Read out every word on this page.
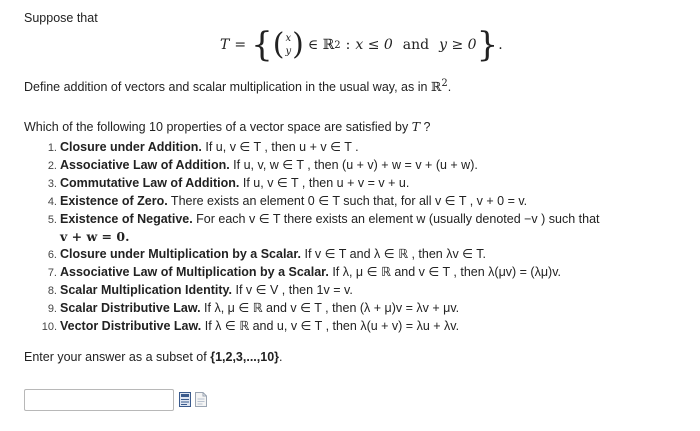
Suppose that
T = { ( x
y ) ∈ ℝ 2 : x ≤ 0 and y ≥ 0 } .
Define addition of vectors and scalar multiplication in the usual way, as in ℝ$^2$.
Which of the following 10 properties of a vector space are satisfied by T ?
1. Closure under Addition. If u, v ∈ T , then u + v ∈ T .
2. Associative Law of Addition. If u, v, w ∈ T , then (u + v) + w = v + (u + w).
3. Commutative Law of Addition. If u, v ∈ T , then u + v = v + u.
4. Existence of Zero. There exists an element 0 ∈ T such that, for all v ∈ T , v + 0 = v.
5. Existence of Negative. For each v ∈ T there exists an element w (usually denoted −v ) such that
v + w = 0.
6. Closure under Multiplication by a Scalar. If v ∈ T and λ ∈ ℝ , then λv ∈ T.
7. Associative Law of Multiplication by a Scalar. If λ, μ ∈ ℝ and v ∈ T , then λ(μv) = (λμ)v.
8. Scalar Multiplication Identity. If v ∈ V , then 1v = v.
9. Scalar Distributive Law. If λ, μ ∈ ℝ and v ∈ T , then (λ + μ)v = λv + μv.
10. Vector Distributive Law. If λ ∈ ℝ and u, v ∈ T , then λ(u + v) = λu + λv.
Enter your answer as a subset of {1,2,3,...,10}.
